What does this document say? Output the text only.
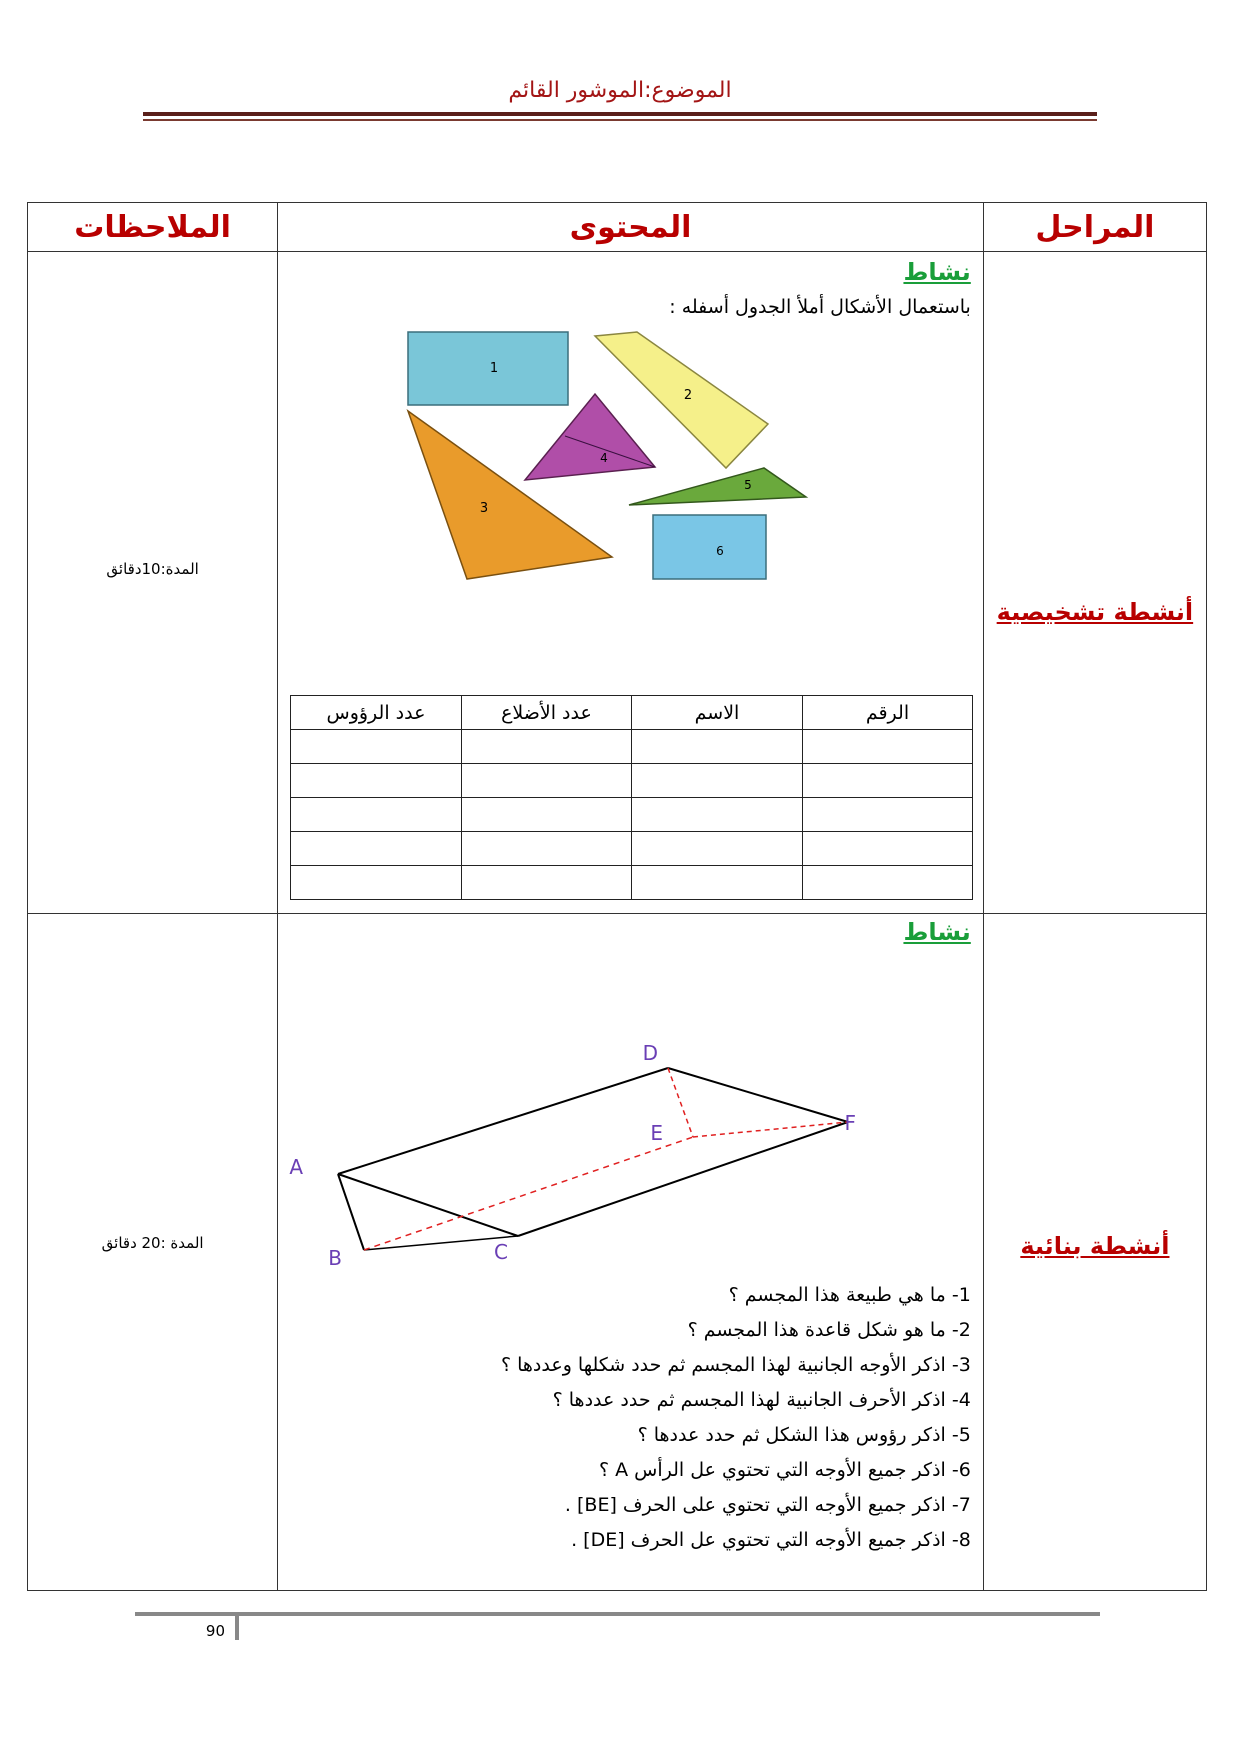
الموضوع:الموشور القائم
المراحل	المحتوى	الملاحظات

أنشطة تشخيصية

نشاط
باستعمال الأشكال أملأ الجدول أسفله :
1
2
3
4
5
6
الرقم	الاسم	عدد الأضلاع	عدد الرؤوس

المدة:10دقائق

أنشطة بنائية

نشاط
A
B	C
D
E	F
1- ما هي طبيعة هذا المجسم ؟
2- ما هو شكل قاعدة هذا المجسم ؟
3- اذكر الأوجه الجانبية لهذا المجسم ثم حدد شكلها وعددها ؟
4- اذكر الأحرف الجانبية لهذا المجسم ثم حدد عددها ؟
5- اذكر رؤوس هذا الشكل ثم حدد عددها ؟
6- اذكر جميع الأوجه التي تحتوي عل الرأس A ؟
7- اذكر جميع الأوجه التي تحتوي على الحرف [BE] .
8- اذكر جميع الأوجه التي تحتوي عل الحرف [DE] .

المدة :20 دقائق
90
